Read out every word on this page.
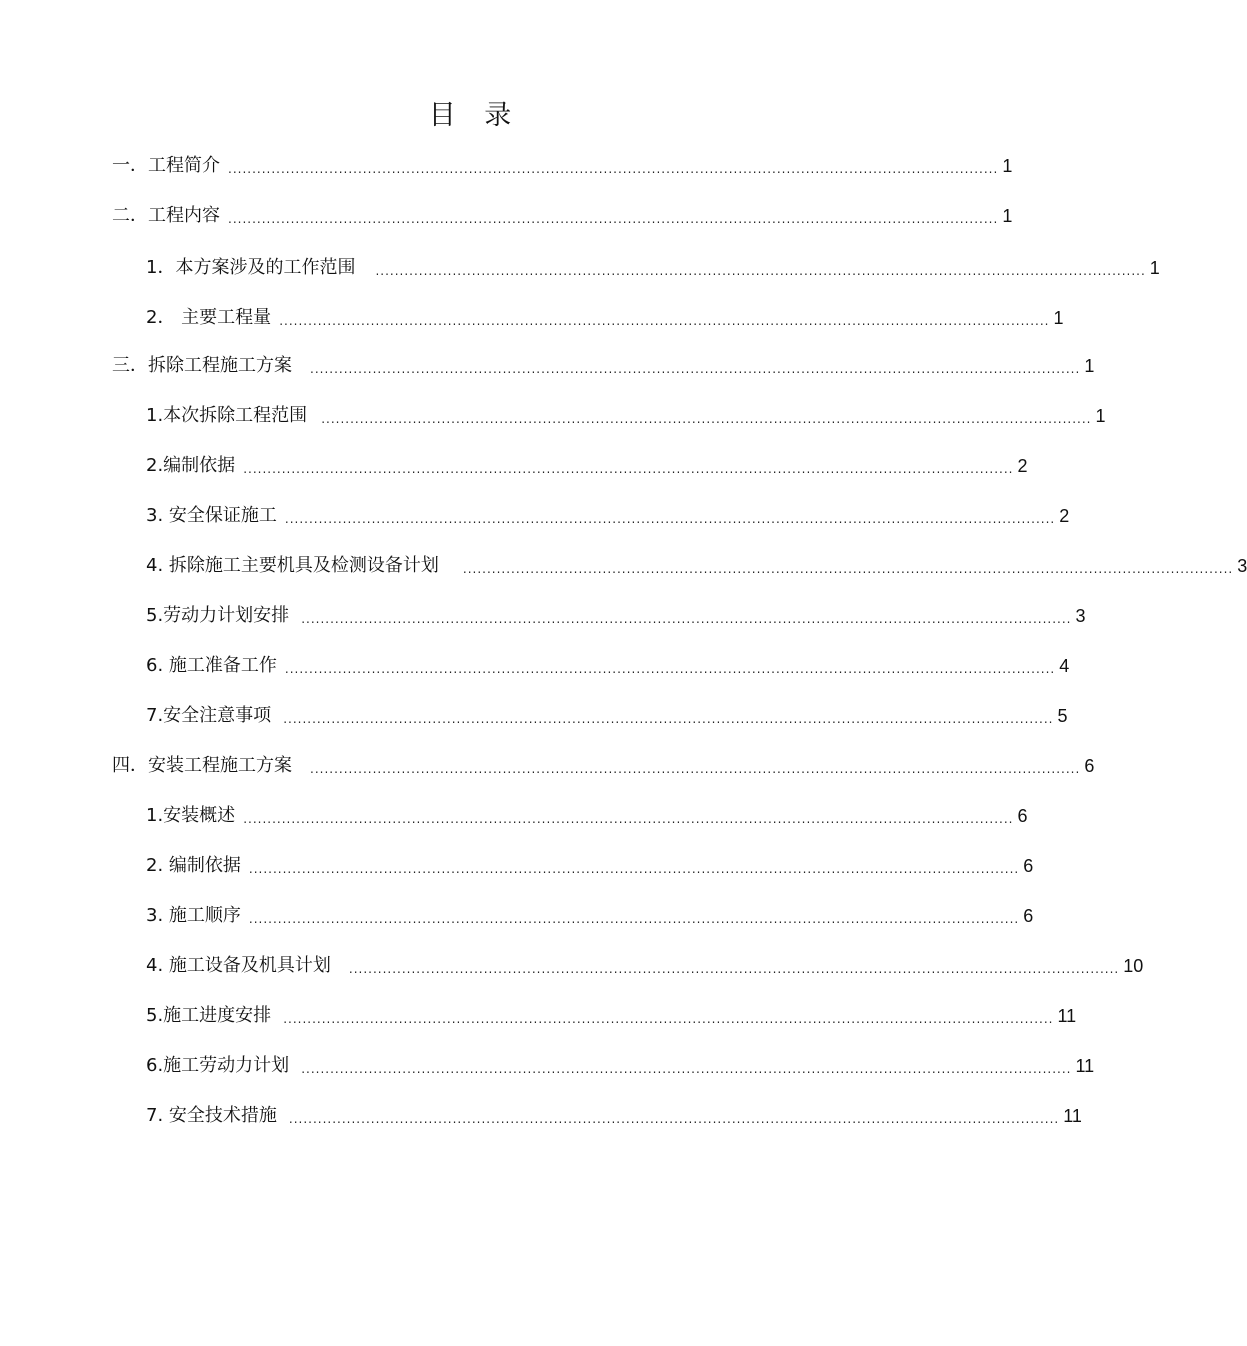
目 录
一．工程简介 ................................................................................................................................................................ 1
二．工程内容 ................................................................................................................................................................ 1
1．本方案涉及的工作范围 ................................................................................................................................................................ 1
2． 主要工程量 ................................................................................................................................................................ 1
三．拆除工程施工方案 ................................................................................................................................................................ 1
1.本次拆除工程范围 ................................................................................................................................................................ 1
2.编制依据 ................................................................................................................................................................ 2
3. 安全保证施工 ................................................................................................................................................................ 2
4. 拆除施工主要机具及检测设备计划 ................................................................................................................................................................ 3
5.劳动力计划安排 ................................................................................................................................................................ 3
6. 施工准备工作 ................................................................................................................................................................ 4
7.安全注意事项 ................................................................................................................................................................ 5
四．安装工程施工方案 ................................................................................................................................................................ 6
1.安装概述 ................................................................................................................................................................ 6
2. 编制依据 ................................................................................................................................................................ 6
3. 施工顺序 ................................................................................................................................................................ 6
4. 施工设备及机具计划 ................................................................................................................................................................ 10
5.施工进度安排 ................................................................................................................................................................ 11
6.施工劳动力计划 ................................................................................................................................................................ 11
7. 安全技术措施 ................................................................................................................................................................ 11
